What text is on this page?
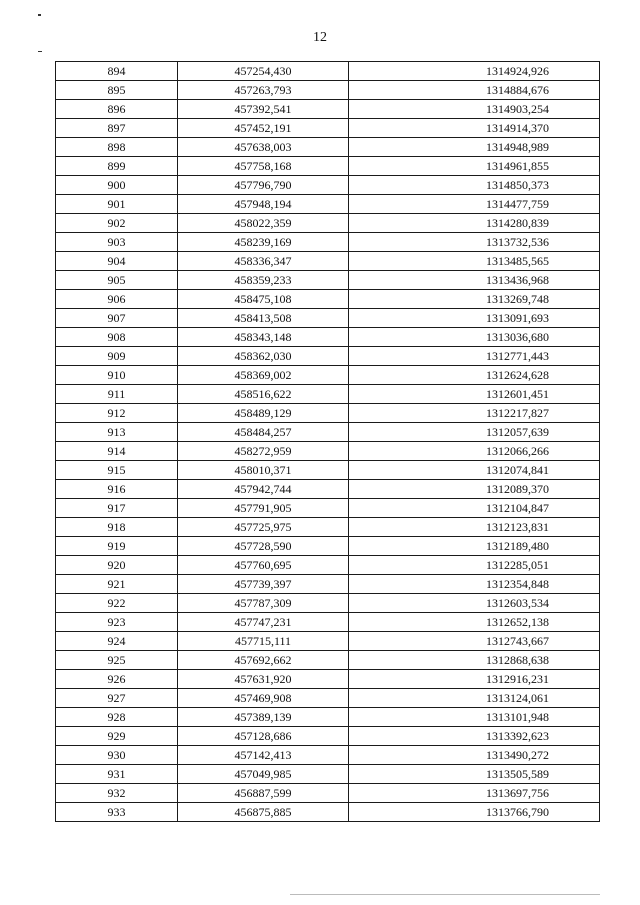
12
894	457254,430	1314924,926
895	457263,793	1314884,676
896	457392,541	1314903,254
897	457452,191	1314914,370
898	457638,003	1314948,989
899	457758,168	1314961,855
900	457796,790	1314850,373
901	457948,194	1314477,759
902	458022,359	1314280,839
903	458239,169	1313732,536
904	458336,347	1313485,565
905	458359,233	1313436,968
906	458475,108	1313269,748
907	458413,508	1313091,693
908	458343,148	1313036,680
909	458362,030	1312771,443
910	458369,002	1312624,628
911	458516,622	1312601,451
912	458489,129	1312217,827
913	458484,257	1312057,639
914	458272,959	1312066,266
915	458010,371	1312074,841
916	457942,744	1312089,370
917	457791,905	1312104,847
918	457725,975	1312123,831
919	457728,590	1312189,480
920	457760,695	1312285,051
921	457739,397	1312354,848
922	457787,309	1312603,534
923	457747,231	1312652,138
924	457715,111	1312743,667
925	457692,662	1312868,638
926	457631,920	1312916,231
927	457469,908	1313124,061
928	457389,139	1313101,948
929	457128,686	1313392,623
930	457142,413	1313490,272
931	457049,985	1313505,589
932	456887,599	1313697,756
933	456875,885	1313766,790
